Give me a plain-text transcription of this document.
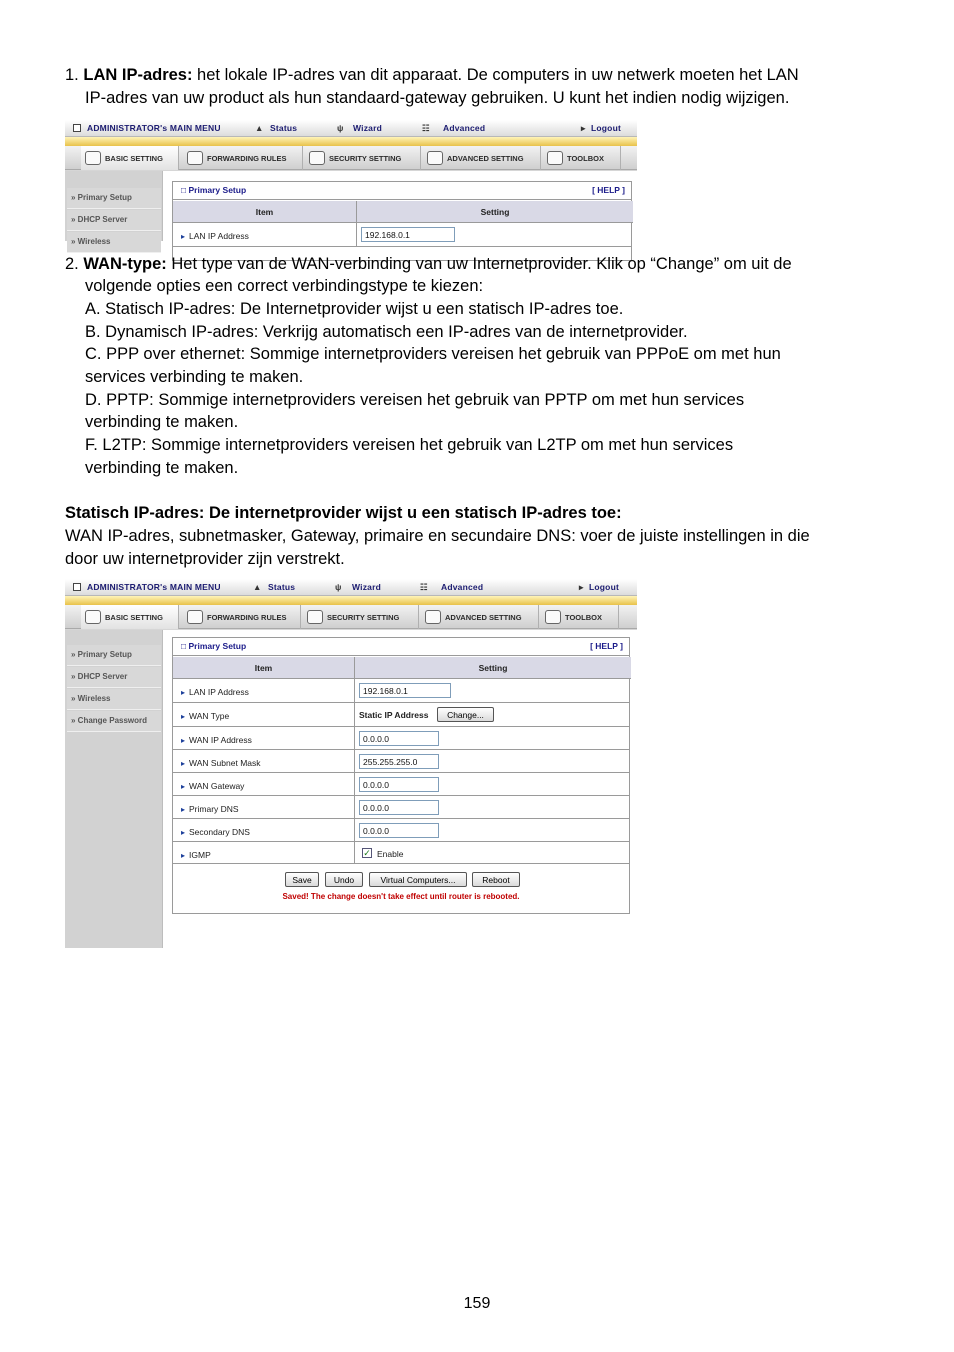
1. LAN IP-adres: het lokale IP-adres van dit apparaat. De computers in uw netwerk moeten het LAN
IP-adres van uw product als hun standaard-gateway gebruiken. U kunt het indien nodig wijzigen.
ADMINISTRATOR's MAIN MENU	▲ Status	ψ Wizard	☷ Advanced	▸ Logout
BASIC SETTING	FORWARDING RULES	SECURITY SETTING	ADVANCED SETTING	TOOLBOX
» Primary Setup
» DHCP Server
» Wireless
□ Primary Setup	[ HELP ]
Item	Setting
▸ LAN IP Address	192.168.0.1
2. WAN-type: Het type van de WAN-verbinding van uw Internetprovider. Klik op “Change” om uit de
volgende opties een correct verbindingstype te kiezen:
A. Statisch IP-adres: De Internetprovider wijst u een statisch IP-adres toe.
B. Dynamisch IP-adres: Verkrijg automatisch een IP-adres van de internetprovider.
C. PPP over ethernet: Sommige internetproviders vereisen het gebruik van PPPoE om met hun
services verbinding te maken.
D. PPTP: Sommige internetproviders vereisen het gebruik van PPTP om met hun services
verbinding te maken.
F. L2TP: Sommige internetproviders vereisen het gebruik van L2TP om met hun services
verbinding te maken.
Statisch IP-adres: De internetprovider wijst u een statisch IP-adres toe:
WAN IP-adres, subnetmasker, Gateway, primaire en secundaire DNS: voer de juiste instellingen in die
door uw internetprovider zijn verstrekt.
ADMINISTRATOR's MAIN MENU	▲ Status	ψ Wizard	☷ Advanced	▸ Logout
BASIC SETTING	FORWARDING RULES	SECURITY SETTING	ADVANCED SETTING	TOOLBOX
» Primary Setup
» DHCP Server
» Wireless
» Change Password
□ Primary Setup	[ HELP ]
Item	Setting
▸ LAN IP Address	192.168.0.1
▸ WAN Type	Static IP Address	Change...
▸ WAN IP Address	0.0.0.0
▸ WAN Subnet Mask	255.255.255.0
▸ WAN Gateway	0.0.0.0
▸ Primary DNS	0.0.0.0
▸ Secondary DNS	0.0.0.0
▸ IGMP	✓ Enable
Save	Undo	Virtual Computers...	Reboot
Saved! The change doesn't take effect until router is rebooted.
159
